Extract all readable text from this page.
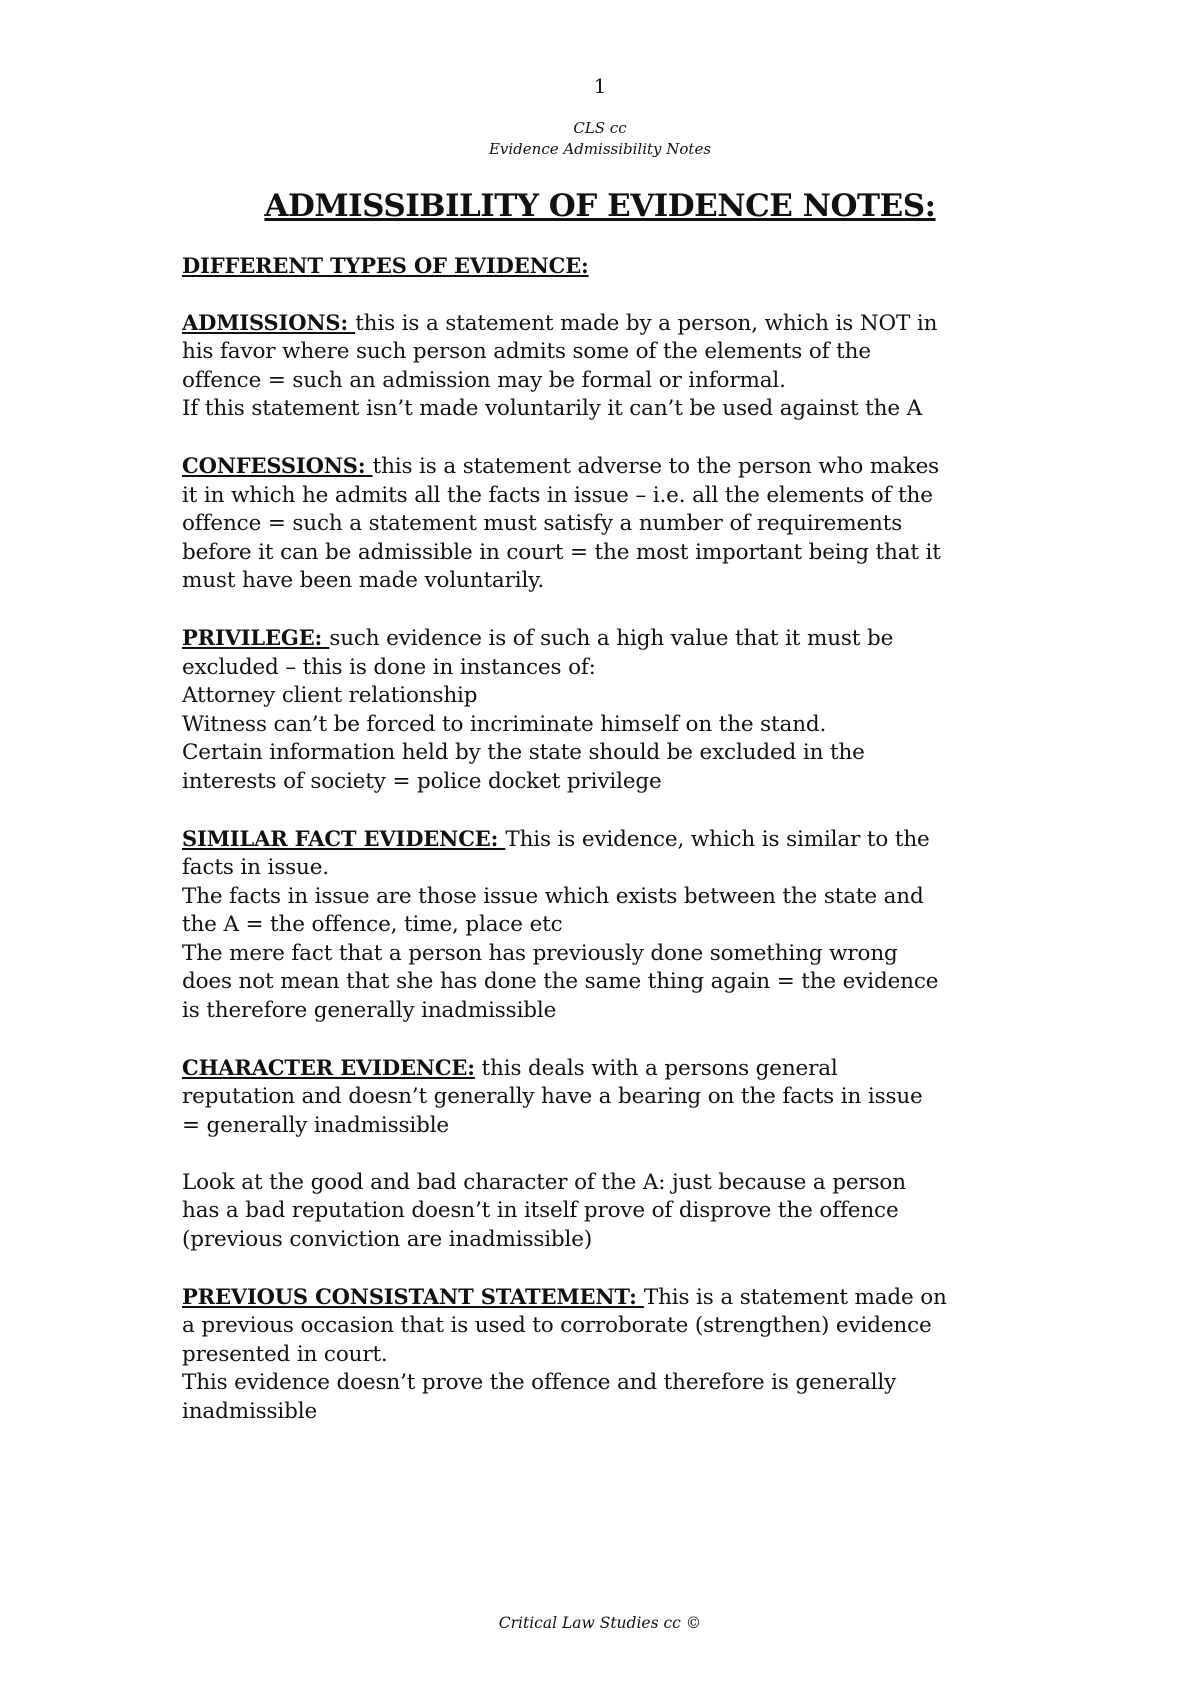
1
CLS cc
Evidence Admissibility Notes
ADMISSIBILITY OF EVIDENCE NOTES:
DIFFERENT TYPES OF EVIDENCE:
ADMISSIONS: this is a statement made by a person, which is NOT in
his favor where such person admits some of the elements of the
offence = such an admission may be formal or informal.
If this statement isn’t made voluntarily it can’t be used against the A
CONFESSIONS: this is a statement adverse to the person who makes
it in which he admits all the facts in issue – i.e. all the elements of the
offence = such a statement must satisfy a number of requirements
before it can be admissible in court = the most important being that it
must have been made voluntarily.
PRIVILEGE: such evidence is of such a high value that it must be
excluded – this is done in instances of:
Attorney client relationship
Witness can’t be forced to incriminate himself on the stand.
Certain information held by the state should be excluded in the
interests of society = police docket privilege
SIMILAR FACT EVIDENCE: This is evidence, which is similar to the
facts in issue.
The facts in issue are those issue which exists between the state and
the A = the offence, time, place etc
The mere fact that a person has previously done something wrong
does not mean that she has done the same thing again = the evidence
is therefore generally inadmissible
CHARACTER EVIDENCE: this deals with a persons general
reputation and doesn’t generally have a bearing on the facts in issue
= generally inadmissible
Look at the good and bad character of the A: just because a person
has a bad reputation doesn’t in itself prove of disprove the offence
(previous conviction are inadmissible)
PREVIOUS CONSISTANT STATEMENT: This is a statement made on
a previous occasion that is used to corroborate (strengthen) evidence
presented in court.
This evidence doesn’t prove the offence and therefore is generally
inadmissible
Critical Law Studies cc ©
